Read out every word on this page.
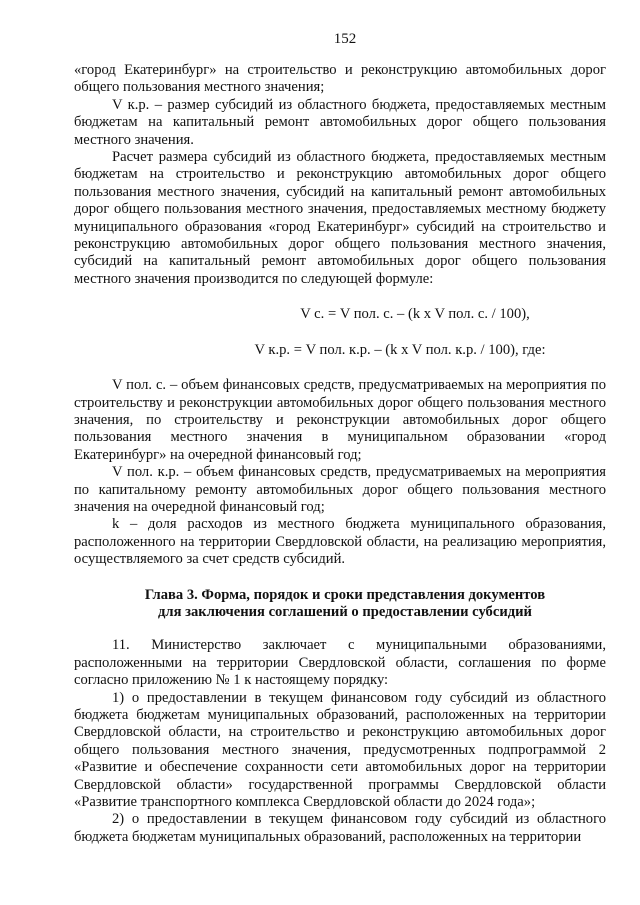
152

«город Екатеринбург» на строительство и реконструкцию автомобильных дорог общего пользования местного значения;

V к.р. – размер субсидий из областного бюджета, предоставляемых местным бюджетам на капитальный ремонт автомобильных дорог общего пользования местного значения.

Расчет размера субсидий из областного бюджета, предоставляемых местным бюджетам на строительство и реконструкцию автомобильных дорог общего пользования местного значения, субсидий на капитальный ремонт автомобильных дорог общего пользования местного значения, предоставляемых местному бюджету муниципального образования «город Екатеринбург» субсидий на строительство и реконструкцию автомобильных дорог общего пользования местного значения, субсидий на капитальный ремонт автомобильных дорог общего пользования местного значения производится по следующей формуле:

V с. = V пол. с. – (k x V пол. с. / 100),
V к.р. = V пол. к.р. – (k x V пол. к.р. / 100), где:

V пол. с. – объем финансовых средств, предусматриваемых на мероприятия по строительству и реконструкции автомобильных дорог общего пользования местного значения, по строительству и реконструкции автомобильных дорог общего пользования местного значения в муниципальном образовании «город Екатеринбург» на очередной финансовый год;

V пол. к.р. – объем финансовых средств, предусматриваемых на мероприятия по капитальному ремонту автомобильных дорог общего пользования местного значения на очередной финансовый год;

k – доля расходов из местного бюджета муниципального образования, расположенного на территории Свердловской области, на реализацию мероприятия, осуществляемого за счет средств субсидий.

Глава 3. Форма, порядок и сроки представления документов
для заключения соглашений о предоставлении субсидий

11. Министерство заключает с муниципальными образованиями, расположенными на территории Свердловской области, соглашения по форме согласно приложению № 1 к настоящему порядку:

1) о предоставлении в текущем финансовом году субсидий из областного бюджета бюджетам муниципальных образований, расположенных на территории Свердловской области, на строительство и реконструкцию автомобильных дорог общего пользования местного значения, предусмотренных подпрограммой 2 «Развитие и обеспечение сохранности сети автомобильных дорог на территории Свердловской области» государственной программы Свердловской области «Развитие транспортного комплекса Свердловской области до 2024 года»;

2) о предоставлении в текущем финансовом году субсидий из областного бюджета бюджетам муниципальных образований, расположенных на территории
